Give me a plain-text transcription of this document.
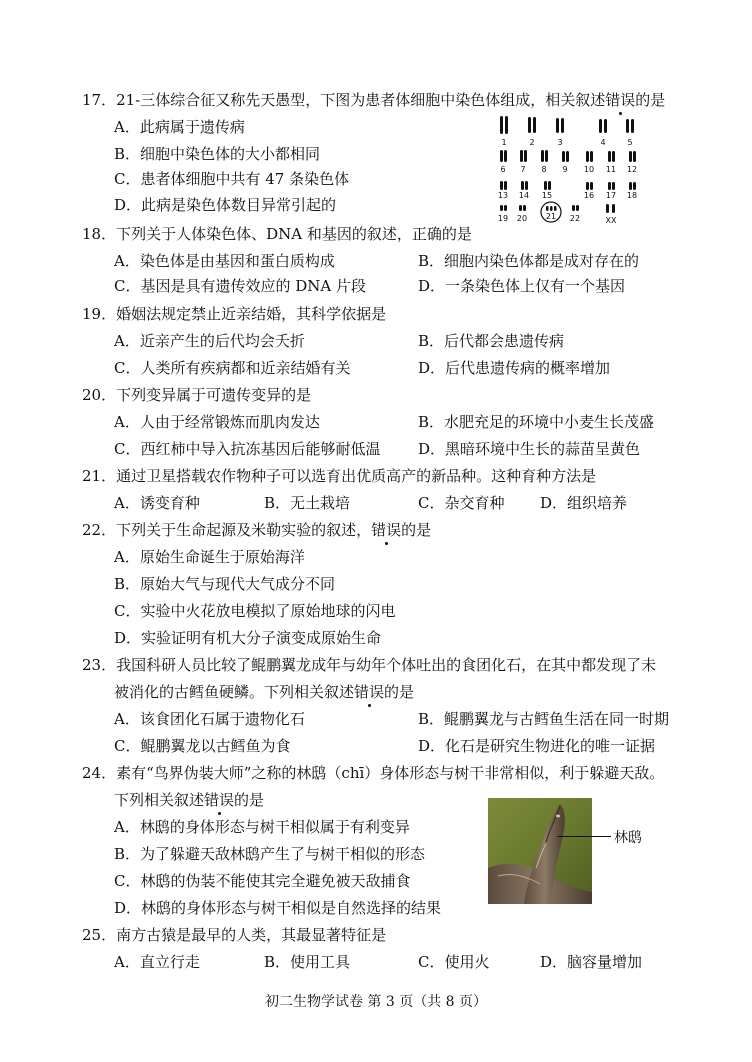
17．21-三体综合征又称先天愚型，下图为患者体细胞中染色体组成，相关叙述错误的是
A．此病属于遗传病
B．细胞中染色体的大小都相同
C．患者体细胞中共有 47 条染色体
D．此病是染色体数目异常引起的
1	2	3	4	5
6 7 8 9 10 11 12
13 14 15	16 17 18
19 20 21 22	XX
18．下列关于人体染色体、DNA 和基因的叙述，正确的是
A．染色体是由基因和蛋白质构成	B．细胞内染色体都是成对存在的
C．基因是具有遗传效应的 DNA 片段	D．一条染色体上仅有一个基因
19．婚姻法规定禁止近亲结婚，其科学依据是
A．近亲产生的后代均会夭折	B．后代都会患遗传病
C．人类所有疾病都和近亲结婚有关	D．后代患遗传病的概率增加
20．下列变异属于可遗传变异的是
A．人由于经常锻炼而肌肉发达	B．水肥充足的环境中小麦生长茂盛
C．西红柿中导入抗冻基因后能够耐低温	D．黑暗环境中生长的蒜苗呈黄色
21．通过卫星搭载农作物种子可以选育出优质高产的新品种。这种育种方法是
A．诱变育种	B．无土栽培	C．杂交育种 D．组织培养
22．下列关于生命起源及米勒实验的叙述，错误的是
A．原始生命诞生于原始海洋
B．原始大气与现代大气成分不同
C．实验中火花放电模拟了原始地球的闪电
D．实验证明有机大分子演变成原始生命
23．我国科研人员比较了鲲鹏翼龙成年与幼年个体吐出的食团化石，在其中都发现了未
被消化的古鳕鱼硬鳞。下列相关叙述错误的是
A．该食团化石属于遗物化石	B．鲲鹏翼龙与古鳕鱼生活在同一时期
C．鲲鹏翼龙以古鳕鱼为食	D．化石是研究生物进化的唯一证据
24．素有“鸟界伪装大师”之称的林鸱（chī）身体形态与树干非常相似，利于躲避天敌。
下列相关叙述错误的是
A．林鸱的身体形态与树干相似属于有利变异
B．为了躲避天敌林鸱产生了与树干相似的形态
C．林鸱的伪装不能使其完全避免被天敌捕食
D．林鸱的身体形态与树干相似是自然选择的结果
林鸱
25．南方古猿是最早的人类，其最显著特征是
A．直立行走	B．使用工具	C．使用火	D．脑容量增加
初二生物学试卷 第 3 页（共 8 页）
